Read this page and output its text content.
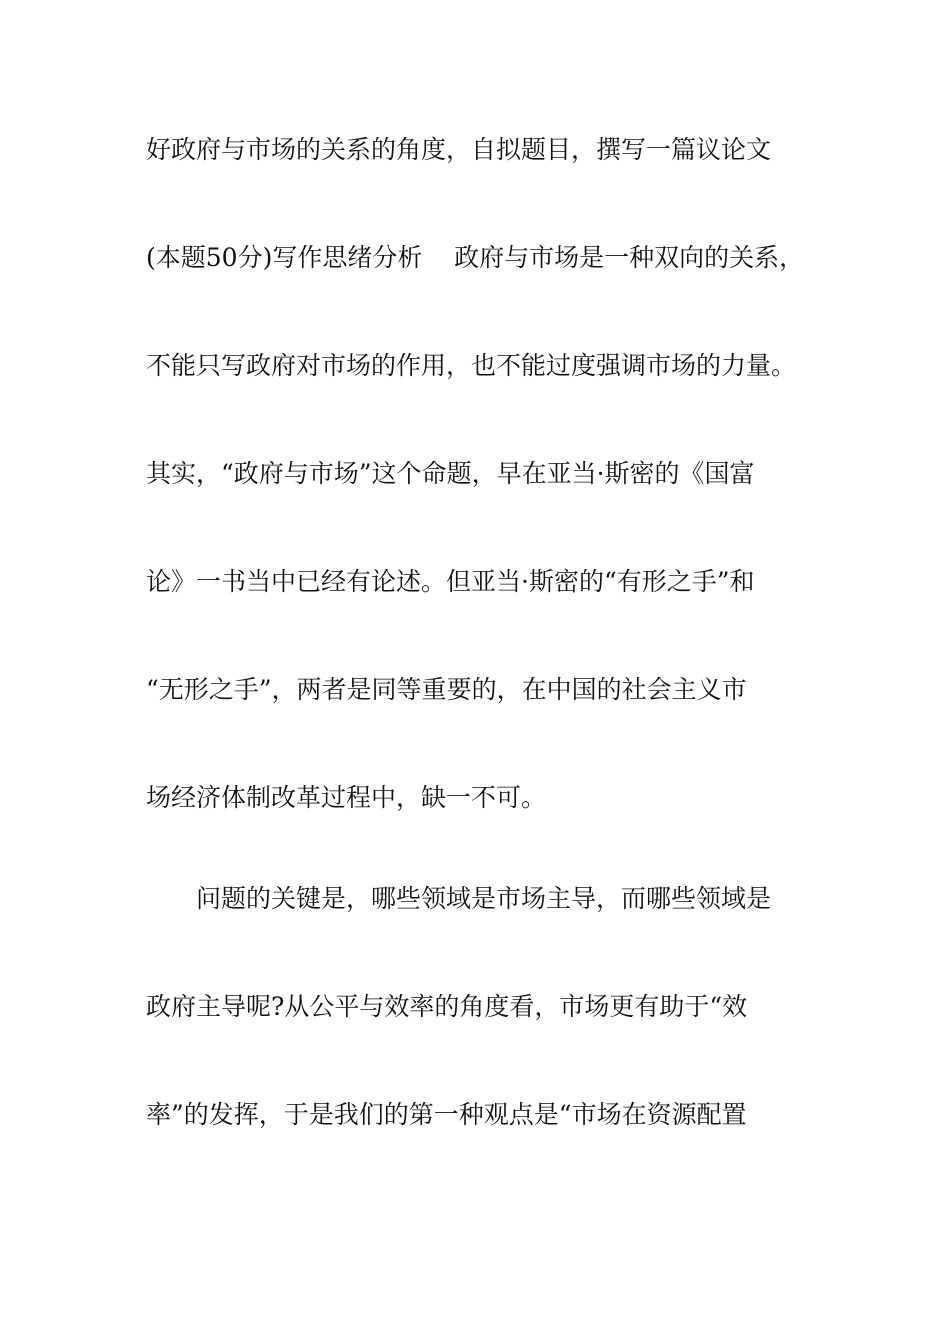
好政府与市场的关系的角度，自拟题目，撰写一篇议论文

(本题50分)写作思绪分析    政府与市场是一种双向的关系，

不能只写政府对市场的作用，也不能过度强调市场的力量。

其实，“政府与市场”这个命题，早在亚当·斯密的《国富

论》一书当中已经有论述。但亚当·斯密的“有形之手”和

“无形之手”，两者是同等重要的，在中国的社会主义市

场经济体制改革过程中，缺一不可。

问题的关键是，哪些领域是市场主导，而哪些领域是

政府主导呢?从公平与效率的角度看，市场更有助于“效

率”的发挥，于是我们的第一种观点是“市场在资源配置
